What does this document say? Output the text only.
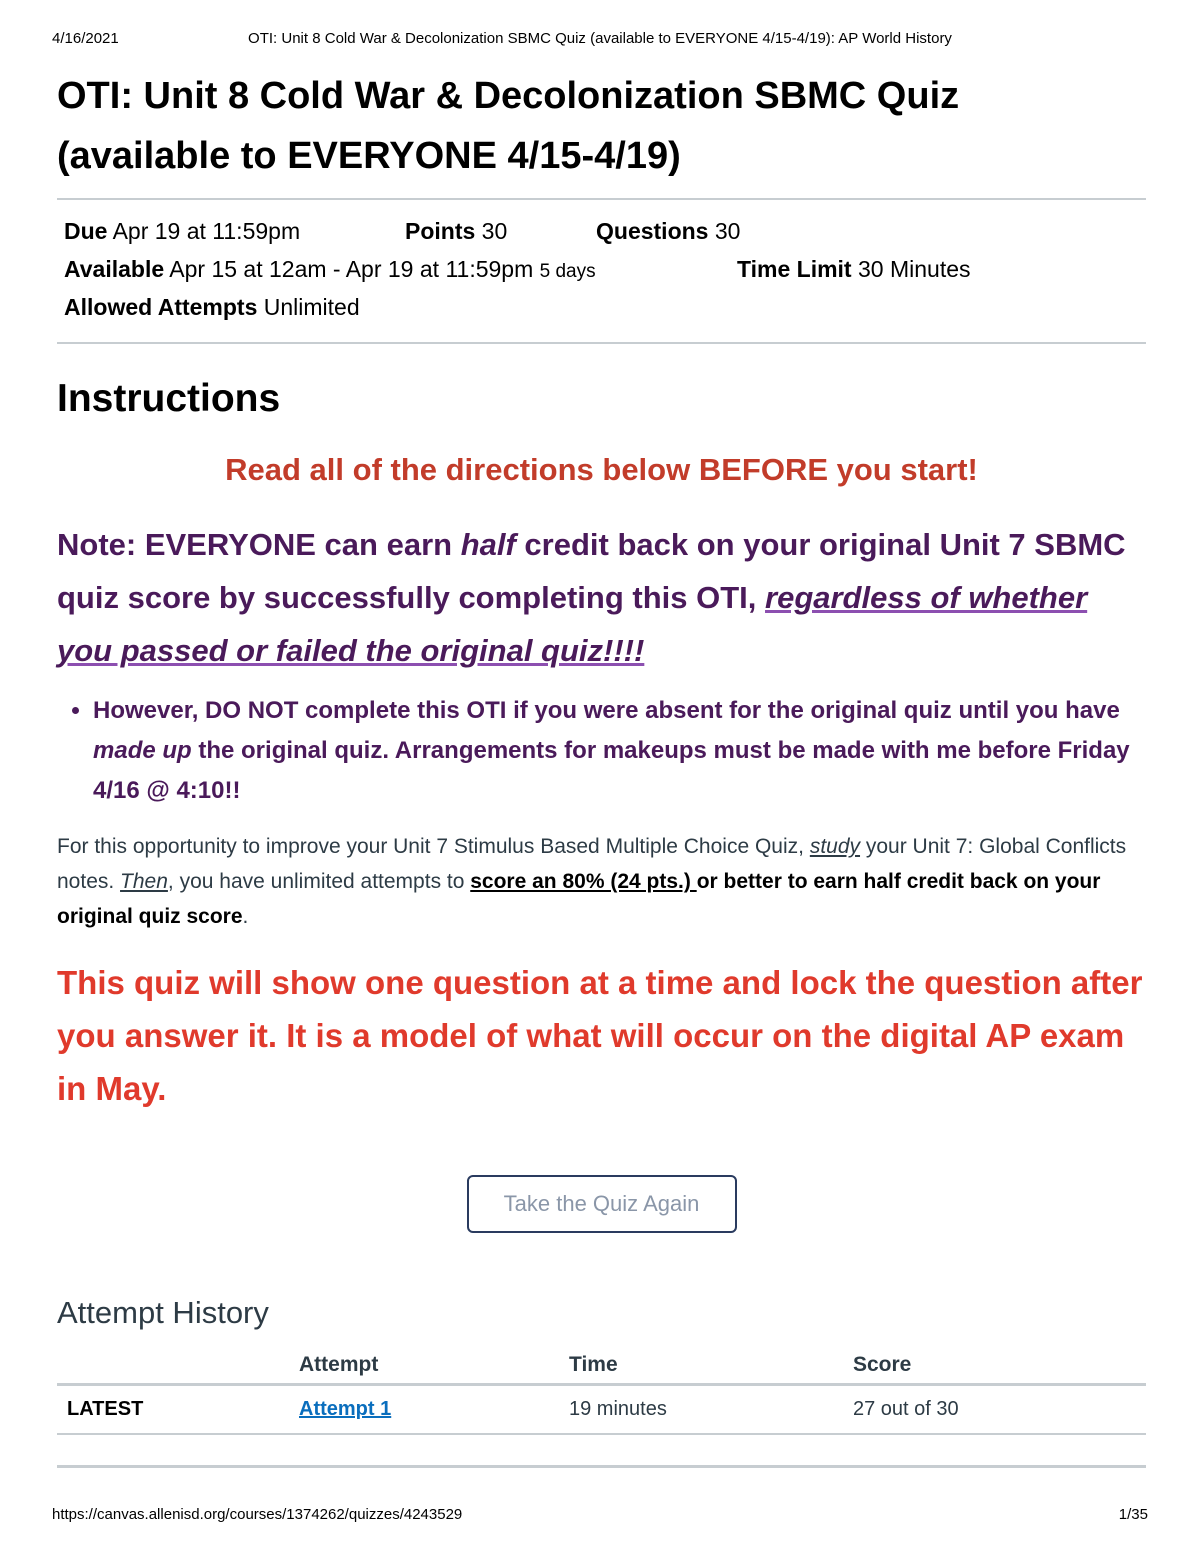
4/16/2021	OTI: Unit 8 Cold War & Decolonization SBMC Quiz (available to EVERYONE 4/15-4/19): AP World History
OTI: Unit 8 Cold War & Decolonization SBMC Quiz
(available to EVERYONE 4/15-4/19)
Due Apr 19 at 11:59pm	Points 30	Questions 30
Available Apr 15 at 12am - Apr 19 at 11:59pm 5 days	Time Limit 30 Minutes
Allowed Attempts Unlimited
Instructions
Read all of the directions below BEFORE you start!
Note: EVERYONE can earn half credit back on your original Unit 7 SBMC quiz score by successfully completing this OTI, regardless of whether you passed or failed the original quiz!!!!
• However, DO NOT complete this OTI if you were absent for the original quiz until you have made up the original quiz. Arrangements for makeups must be made with me before Friday 4/16 @ 4:10!!
For this opportunity to improve your Unit 7 Stimulus Based Multiple Choice Quiz, study your Unit 7: Global Conflicts notes. Then, you have unlimited attempts to score an 80% (24 pts.) or better to earn half credit back on your original quiz score.
This quiz will show one question at a time and lock the question after you answer it. It is a model of what will occur on the digital AP exam in May.
Take the Quiz Again
Attempt History
	Attempt	Time	Score
LATEST	Attempt 1	19 minutes	27 out of 30
https://canvas.allenisd.org/courses/1374262/quizzes/4243529	1/35
